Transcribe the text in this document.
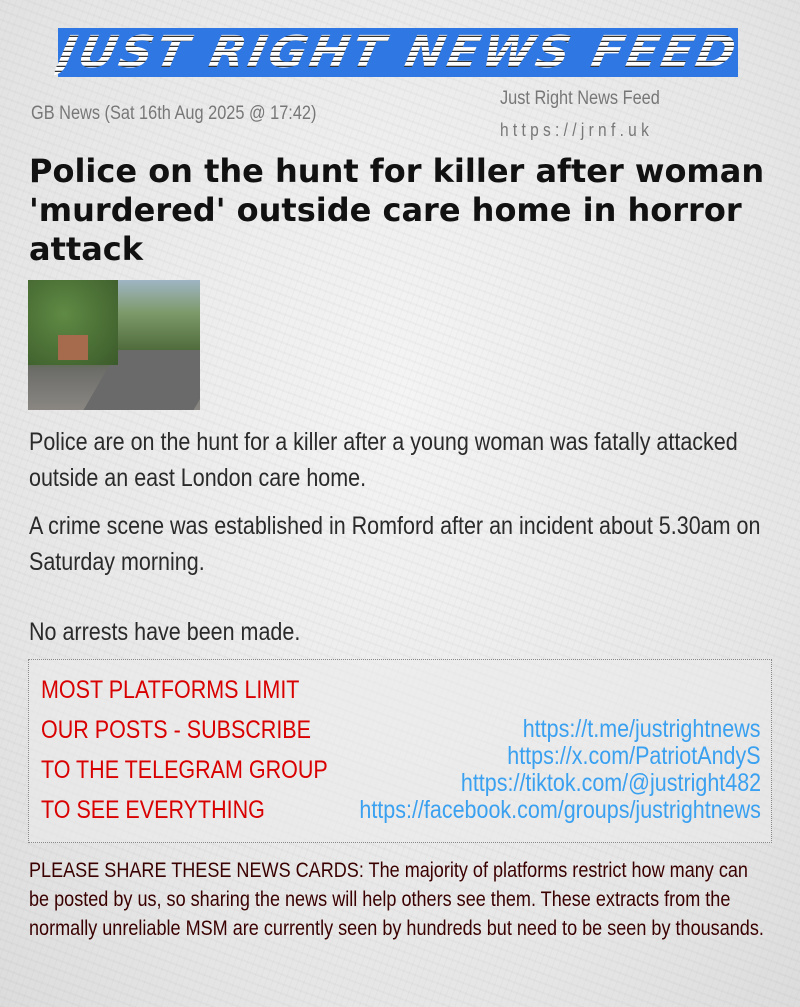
JUST RIGHT NEWS FEED
GB News (Sat 16th Aug 2025 @ 17:42)
Just Right News Feed
https://jrnf.uk
Police on the hunt for killer after woman 'murdered' outside care home in horror attack

Police are on the hunt for a killer after a young woman was fatally attacked outside an east London care home.

A crime scene was established in Romford after an incident about 5.30am on Saturday morning.

No arrests have been made.

MOST PLATFORMS LIMIT
OUR POSTS - SUBSCRIBE
TO THE TELEGRAM GROUP
TO SEE EVERYTHING
https://t.me/justrightnews
https://x.com/PatriotAndyS
https://tiktok.com/@justright482
https://facebook.com/groups/justrightnews

PLEASE SHARE THESE NEWS CARDS: The majority of platforms restrict how many can be posted by us, so sharing the news will help others see them. These extracts from the normally unreliable MSM are currently seen by hundreds but need to be seen by thousands.
